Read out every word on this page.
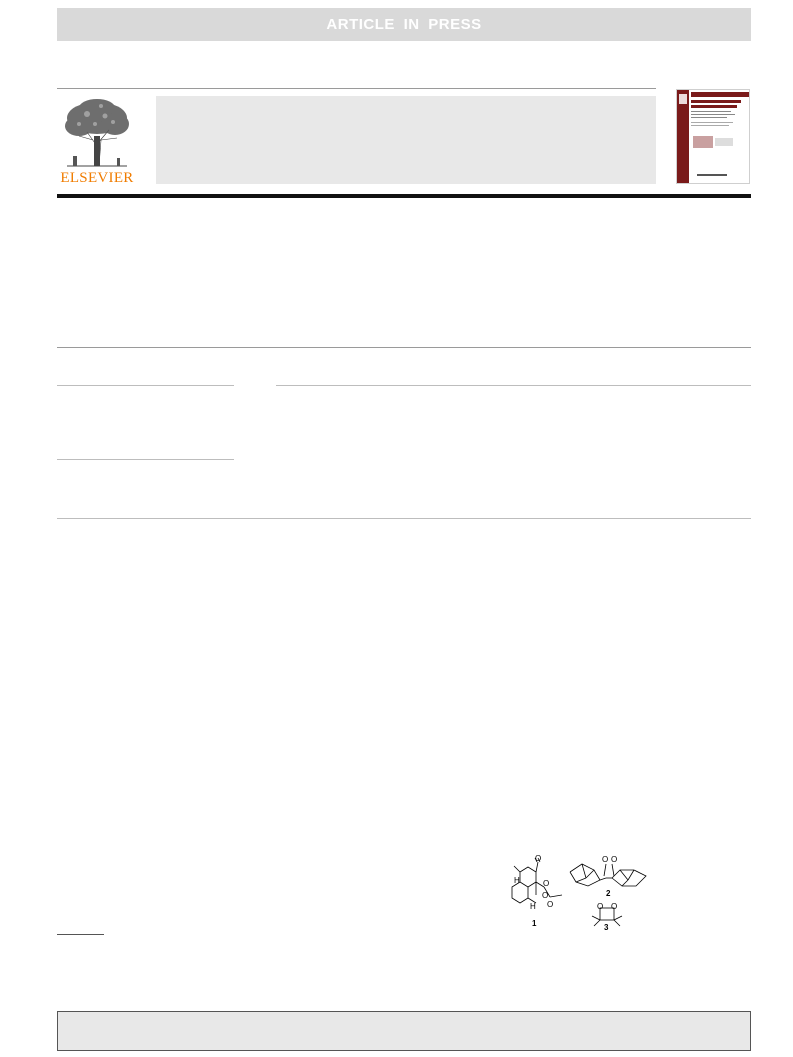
ARTICLE IN PRESS
ELSEVIER
O
O
O
O
H
H
1
O O
2
O O
3
